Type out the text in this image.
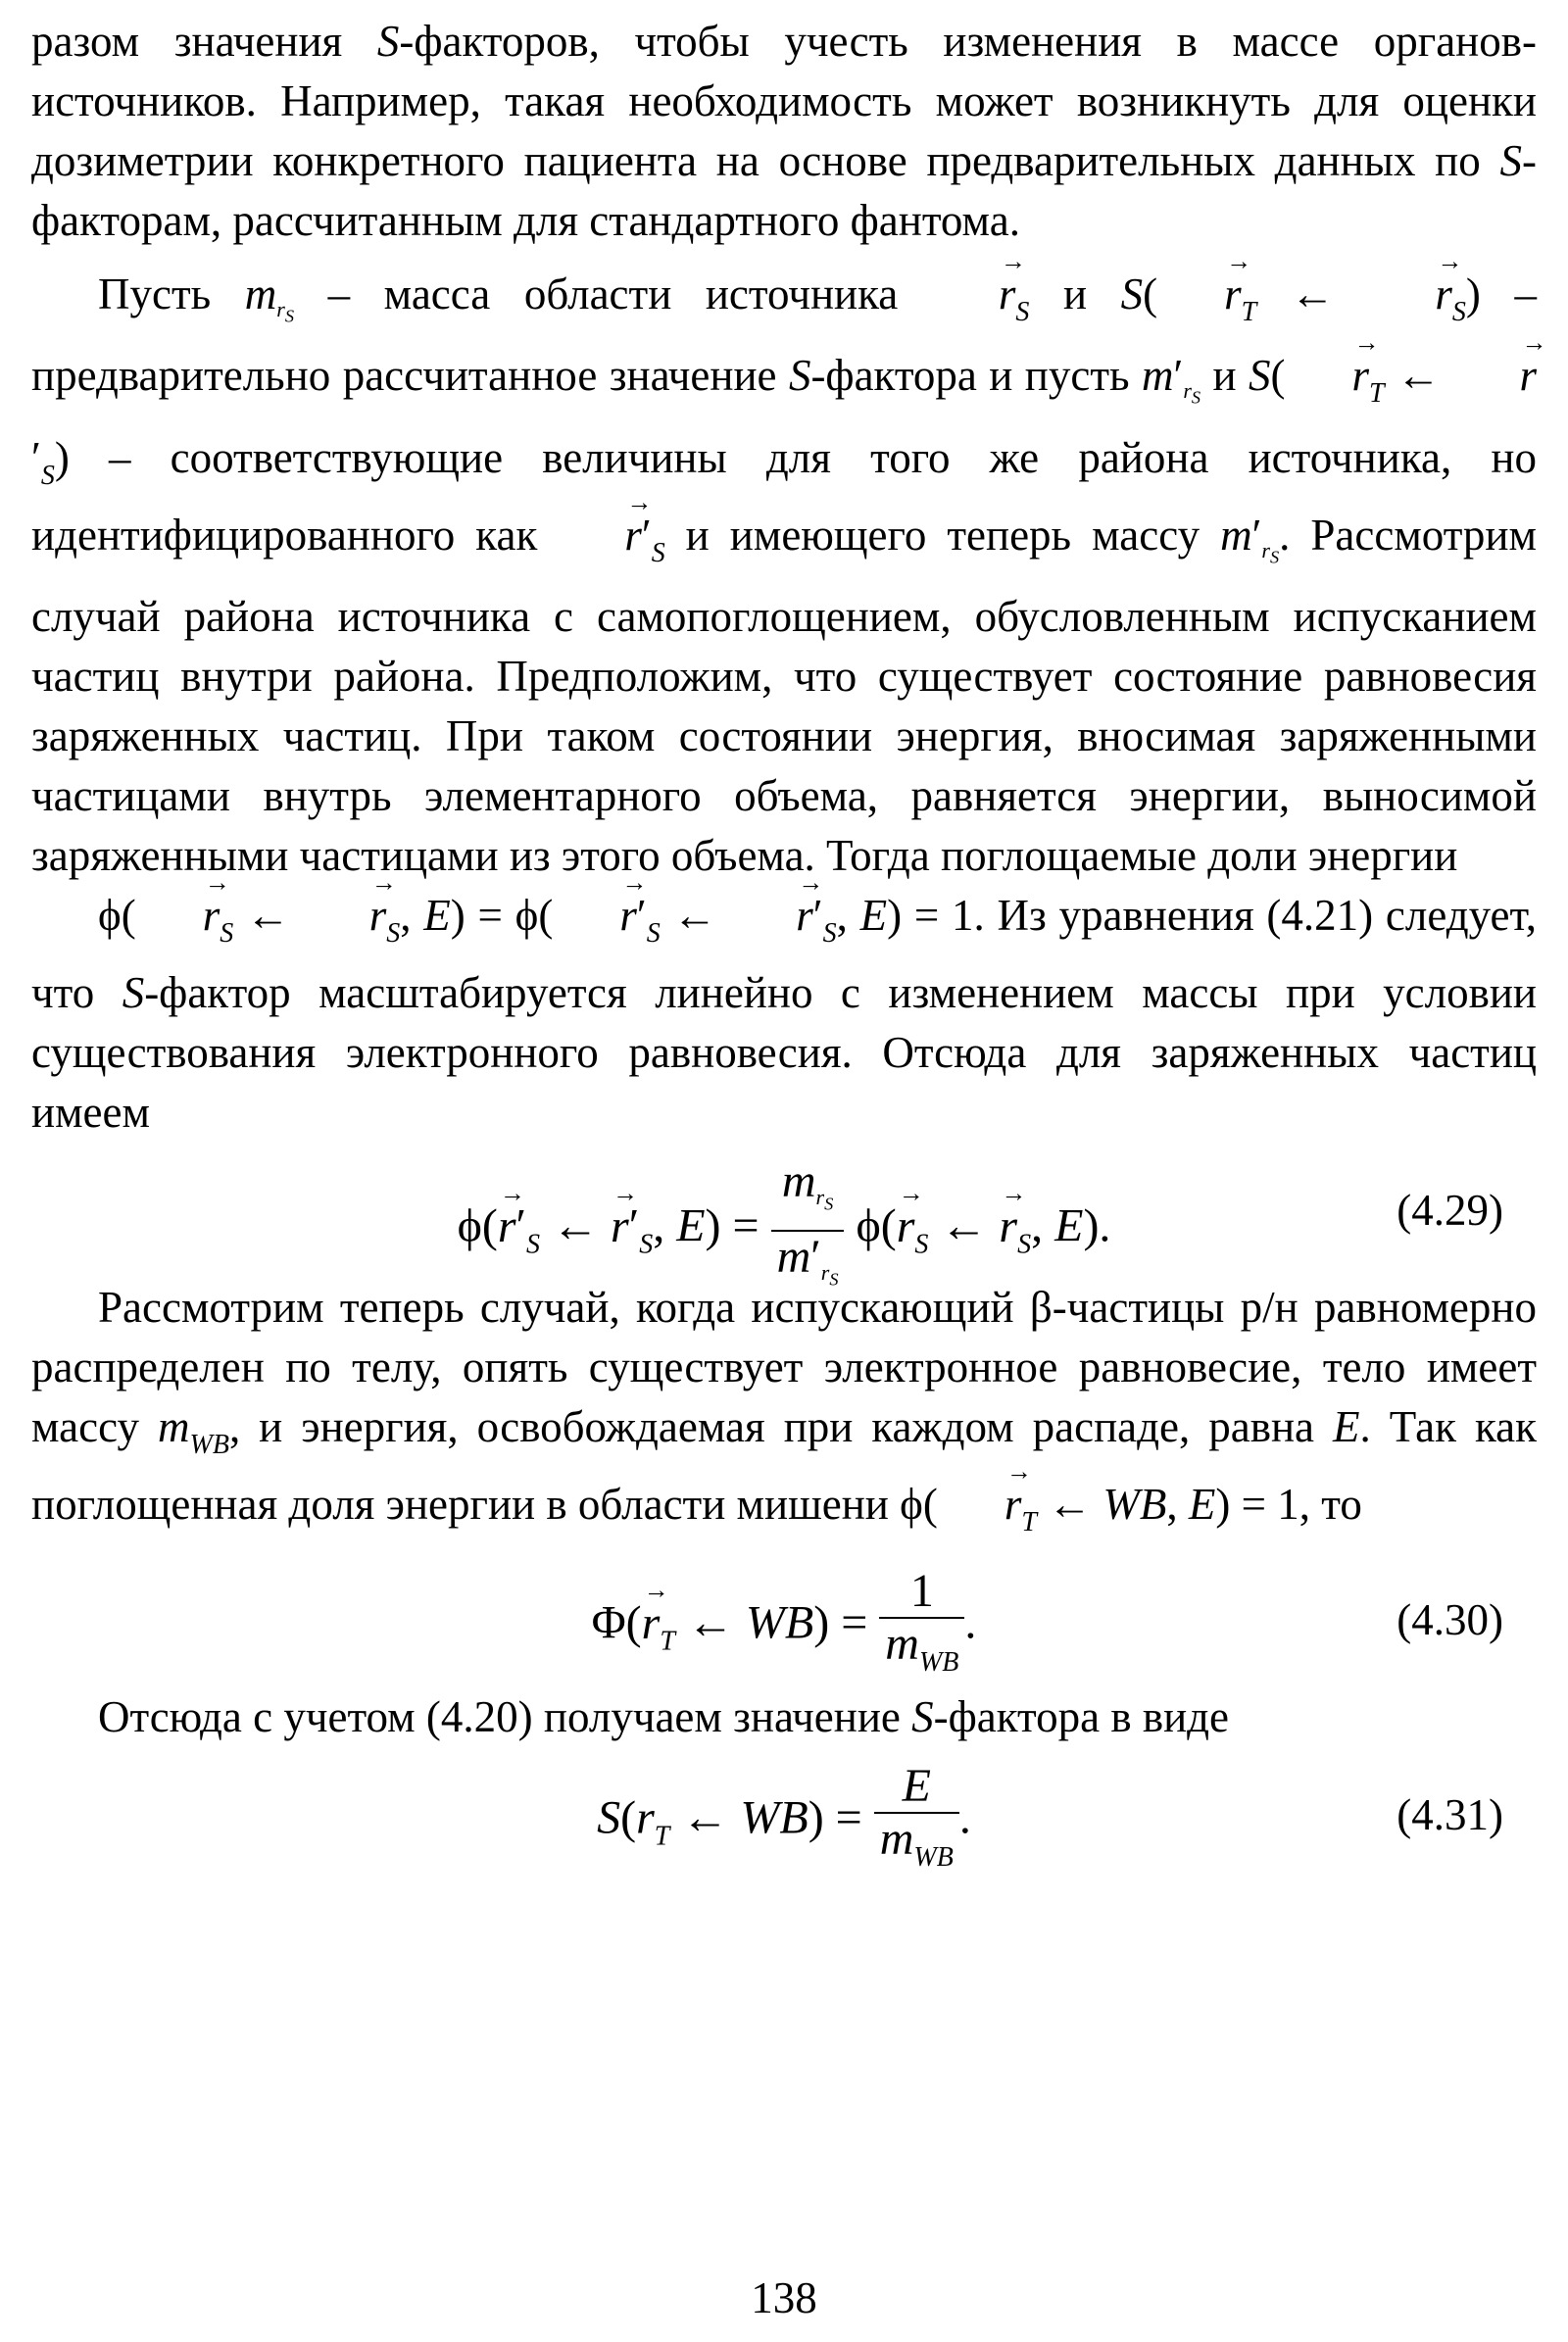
разом значения S-факторов, чтобы учесть изменения в массе органов-источников. Например, такая необходимость может возникнуть для оценки дозиметрии конкретного пациента на основе предварительных данных по S-факторам, рассчитанным для стандартного фантома.

Пусть $mr_S$ – масса области источника $r \to_S$ и S( $r \to_T$ ← $r \to_S$) – предварительно рассчитанное значение S-фактора и пусть $m'r_S$ и S( $r \to_T$ ← $r \to'_S$) – соответствующие величины для того же района источника, но идентифицированного как $r \to'_S$ и имеющего теперь массу $m'r_S$. Рассмотрим случай района источника с самопоглощением, обусловленным испусканием частиц внутри района. Предположим, что существует состояние равновесия заряженных частиц. При таком состоянии энергия, вносимая заряженными частицами внутрь элементарного объема, равняется энергии, выносимой заряженными частицами из этого объема. Тогда поглощаемые доли энергии

ϕ( $r \to_S$ ← $r \to_S$, E) = ϕ( $r \to'_S$ ← $r \to'_S$, E) = 1. Из уравнения (4.21) следует, что S-фактор масштабируется линейно с изменением массы при условии существования электронного равновесия. Отсюда для заряженных частиц имеем

$\phi(r \to'_S$ ← $r \to'_S$, $E) = \frac{mr_S}{m'r_S} \phi(r \to_S$ ← $r \to_S$, E).	(4.29)

Рассмотрим теперь случай, когда испускающий β-частицы р/н равномерно распределен по телу, опять существует электронное равновесие, тело имеет массу $m_{WB}$, и энергия, освобождаемая при каждом распаде, равна E. Так как поглощенная доля энергии в области мишени ϕ( $r \to_T$ ← WB, E) = 1, то

$\Phi(r \to_T$ ← $WB) = \frac{1}{m_{WB}}$ .	(4.30)

Отсюда с учетом (4.20) получаем значение S-фактора в виде

$S(r_T$ ← $WB) = \frac{E}{m_{WB}}$ .	(4.31)
138
